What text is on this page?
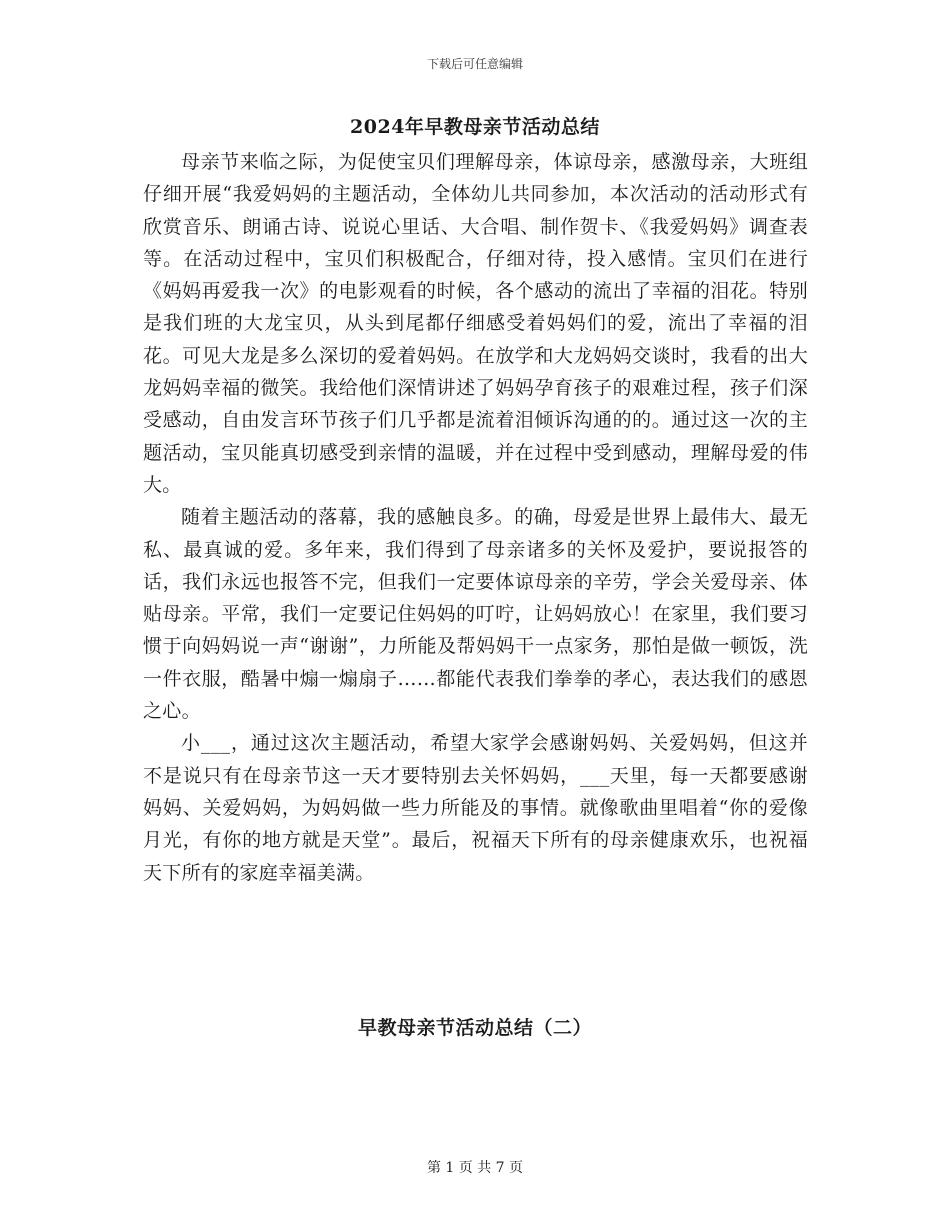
下载后可任意编辑
2024年早教母亲节活动总结

母亲节来临之际，为促使宝贝们理解母亲，体谅母亲，感激母亲，大班组仔细开展“我爱妈妈的主题活动，全体幼儿共同参加，本次活动的活动形式有欣赏音乐、朗诵古诗、说说心里话、大合唱、制作贺卡、《我爱妈妈》调查表等。在活动过程中，宝贝们积极配合，仔细对待，投入感情。宝贝们在进行《妈妈再爱我一次》的电影观看的时候，各个感动的流出了幸福的泪花。特别是我们班的大龙宝贝，从头到尾都仔细感受着妈妈们的爱，流出了幸福的泪花。可见大龙是多么深切的爱着妈妈。在放学和大龙妈妈交谈时，我看的出大龙妈妈幸福的微笑。我给他们深情讲述了妈妈孕育孩子的艰难过程，孩子们深受感动，自由发言环节孩子们几乎都是流着泪倾诉沟通的的。通过这一次的主题活动，宝贝能真切感受到亲情的温暖，并在过程中受到感动，理解母爱的伟大。

随着主题活动的落幕，我的感触良多。的确，母爱是世界上最伟大、最无私、最真诚的爱。多年来，我们得到了母亲诸多的关怀及爱护，要说报答的话，我们永远也报答不完，但我们一定要体谅母亲的辛劳，学会关爱母亲、体贴母亲。平常，我们一定要记住妈妈的叮咛，让妈妈放心！在家里，我们要习惯于向妈妈说一声“谢谢”，力所能及帮妈妈干一点家务，那怕是做一顿饭，洗一件衣服，酷暑中煽一煽扇子……都能代表我们拳拳的孝心，表达我们的感恩之心。

小___，通过这次主题活动，希望大家学会感谢妈妈、关爱妈妈，但这并不是说只有在母亲节这一天才要特别去关怀妈妈，___天里，每一天都要感谢妈妈、关爱妈妈，为妈妈做一些力所能及的事情。就像歌曲里唱着“你的爱像月光，有你的地方就是天堂”。最后，祝福天下所有的母亲健康欢乐，也祝福天下所有的家庭幸福美满。

早教母亲节活动总结（二）
第 1 页 共 7 页
